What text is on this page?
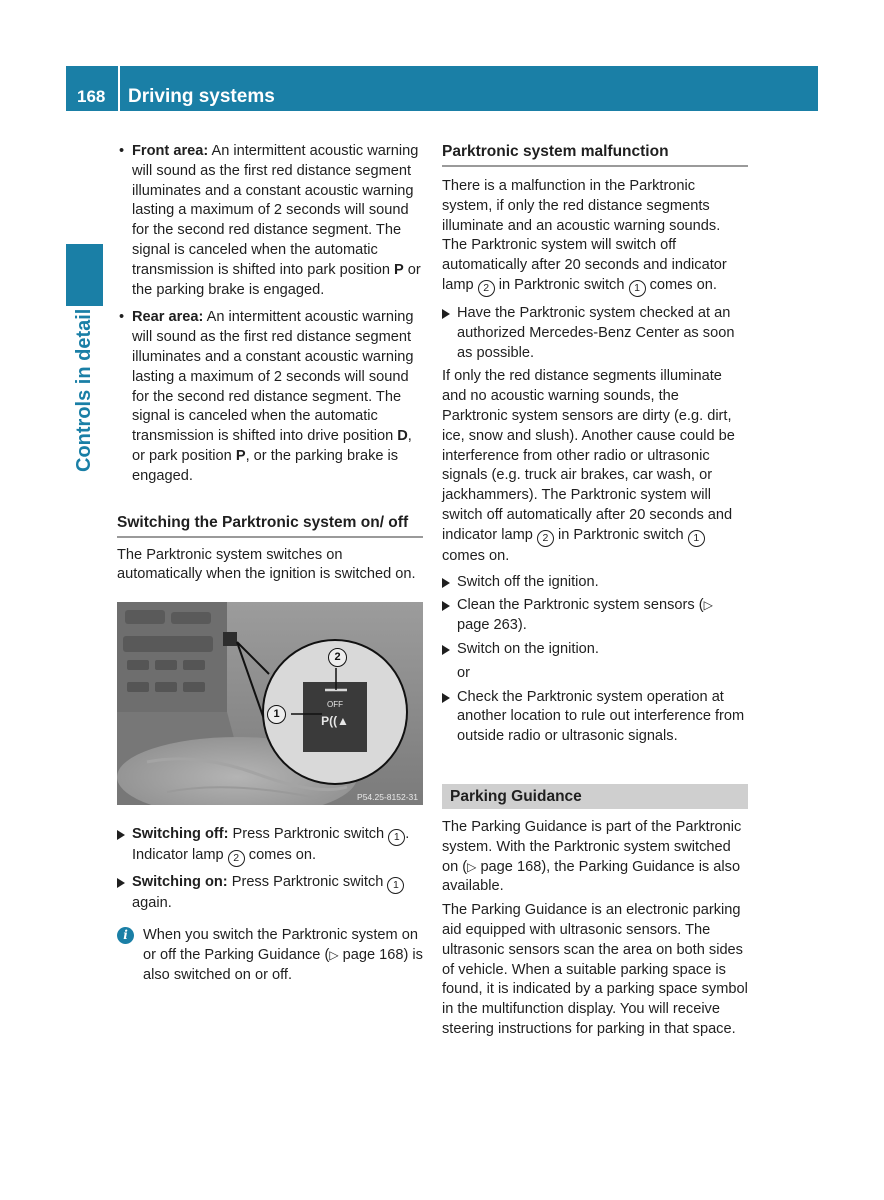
168 Driving systems
Controls in detail
• Front area: An intermittent acoustic warning will sound as the first red distance segment illuminates and a constant acoustic warning lasting a maximum of 2 seconds will sound for the second red distance segment. The signal is canceled when the automatic transmission is shifted into park position P or the parking brake is engaged.
• Rear area: An intermittent acoustic warning will sound as the first red distance segment illuminates and a constant acoustic warning lasting a maximum of 2 seconds will sound for the second red distance segment. The signal is canceled when the automatic transmission is shifted into drive position D, or park position P, or the parking brake is engaged.
Switching the Parktronic system on/ off

The Parktronic system switches on automatically when the ignition is switched on.

2
1
OFF
P((▲
P54.25-8152-31
Switching off: Press Parktronic switch 1 .
Indicator lamp 2 comes on.
Switching on: Press Parktronic switch 1 again.
i	When you switch the Parktronic system on or off the Parking Guidance (▷ page 168) is also switched on or off.
Parktronic system malfunction

There is a malfunction in the Parktronic system, if only the red distance segments illuminate and an acoustic warning sounds. The Parktronic system will switch off automatically after 20 seconds and indicator lamp 2 in Parktronic switch 1 comes on.

Have the Parktronic system checked at an authorized Mercedes-Benz Center as soon as possible.

If only the red distance segments illuminate and no acoustic warning sounds, the Parktronic system sensors are dirty (e.g. dirt, ice, snow and slush). Another cause could be interference from other radio or ultrasonic signals (e.g. truck air brakes, car wash, or jackhammers). The Parktronic system will switch off automatically after 20 seconds and indicator lamp 2 in Parktronic switch 1 comes on.

Switch off the ignition.
Clean the Parktronic system sensors (▷ page 263).
Switch on the ignition.
or
Check the Parktronic system operation at another location to rule out interference from outside radio or ultrasonic signals.
Parking Guidance

The Parking Guidance is part of the Parktronic system. With the Parktronic system switched on (▷ page 168), the Parking Guidance is also available.

The Parking Guidance is an electronic parking aid equipped with ultrasonic sensors. The ultrasonic sensors scan the area on both sides of vehicle. When a suitable parking space is found, it is indicated by a parking space symbol in the multifunction display. You will receive steering instructions for parking in that space.
